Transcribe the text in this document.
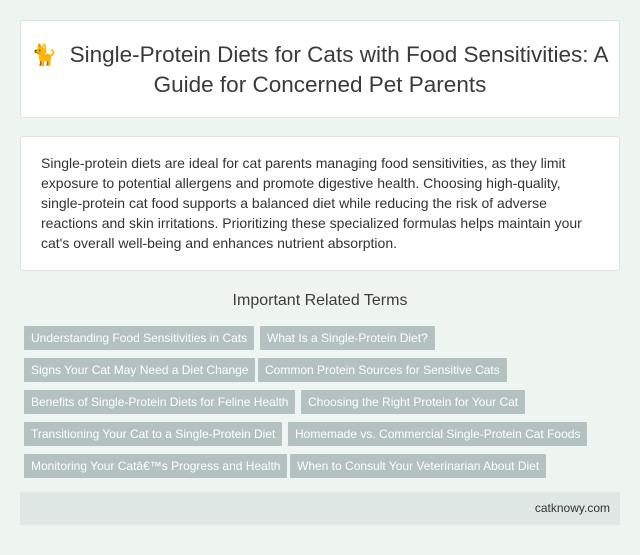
🐈 Single-Protein Diets for Cats with Food Sensitivities: A Guide for Concerned Pet Parents

Single-protein diets are ideal for cat parents managing food sensitivities, as they limit exposure to potential allergens and promote digestive health. Choosing high-quality, single-protein cat food supports a balanced diet while reducing the risk of adverse reactions and skin irritations. Prioritizing these specialized formulas helps maintain your cat's overall well-being and enhances nutrient absorption.

Important Related Terms
Understanding Food Sensitivities in Cats	What Is a Single-Protein Diet?
Signs Your Cat May Need a Diet Change	Common Protein Sources for Sensitive Cats
Benefits of Single-Protein Diets for Feline Health	Choosing the Right Protein for Your Cat
Transitioning Your Cat to a Single-Protein Diet	Homemade vs. Commercial Single-Protein Cat Foods
Monitoring Your Catâ€™s Progress and Health	When to Consult Your Veterinarian About Diet
catknowy.com
